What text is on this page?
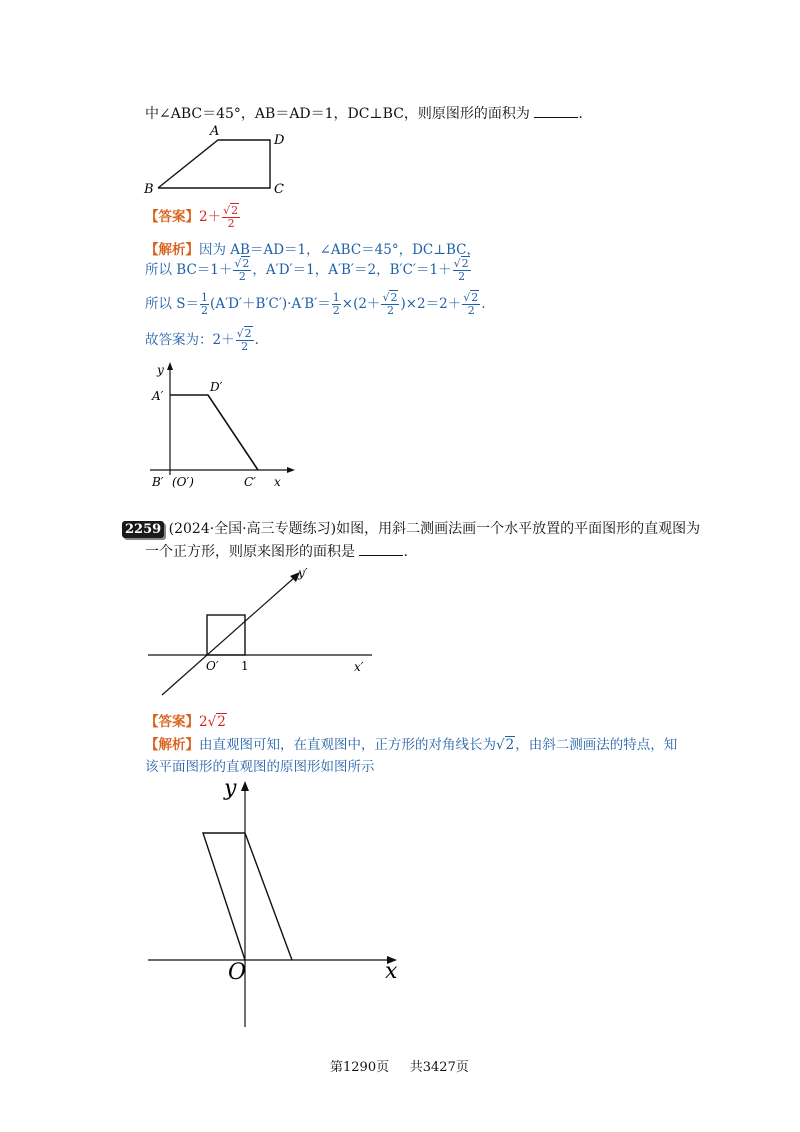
中∠ABC＝45°，AB＝AD＝1，DC⊥BC，则原图形的面积为	.
A
D
B	C
【答案】$2+ \frac{√2}{2}$
【解析】因为 AB＝AD＝1，∠ABC＝45°，DC⊥BC，
所以 $BC=1+ \frac{√2}{2}$ ，A′D′＝1，A′B′＝2，$B'C'=1+ \frac{√2}{2}$
所以 $S= \frac{1}{2} (A'D'+B'C')\cdot A'B'= \frac{1}{2} \times(2+ \frac{√2}{2} )\times 2=2+ \frac{√2}{2}$ .
故答案为：$2+ \frac{√2}{2}$ .
y
A′
D′
B′ (O′)	C′ x
2259 (2024·全国·高三专题练习)如图，用斜二测画法画一个水平放置的平面图形的直观图为
一个正方形，则原来图形的面积是	.
y′
O′ 1	x′
【答案】2√2
【解析】由直观图可知，在直观图中，正方形的对角线长为√2，由斜二测画法的特点，知
该平面图形的直观图的原图形如图所示
y
O	x
第1290页 共3427页
